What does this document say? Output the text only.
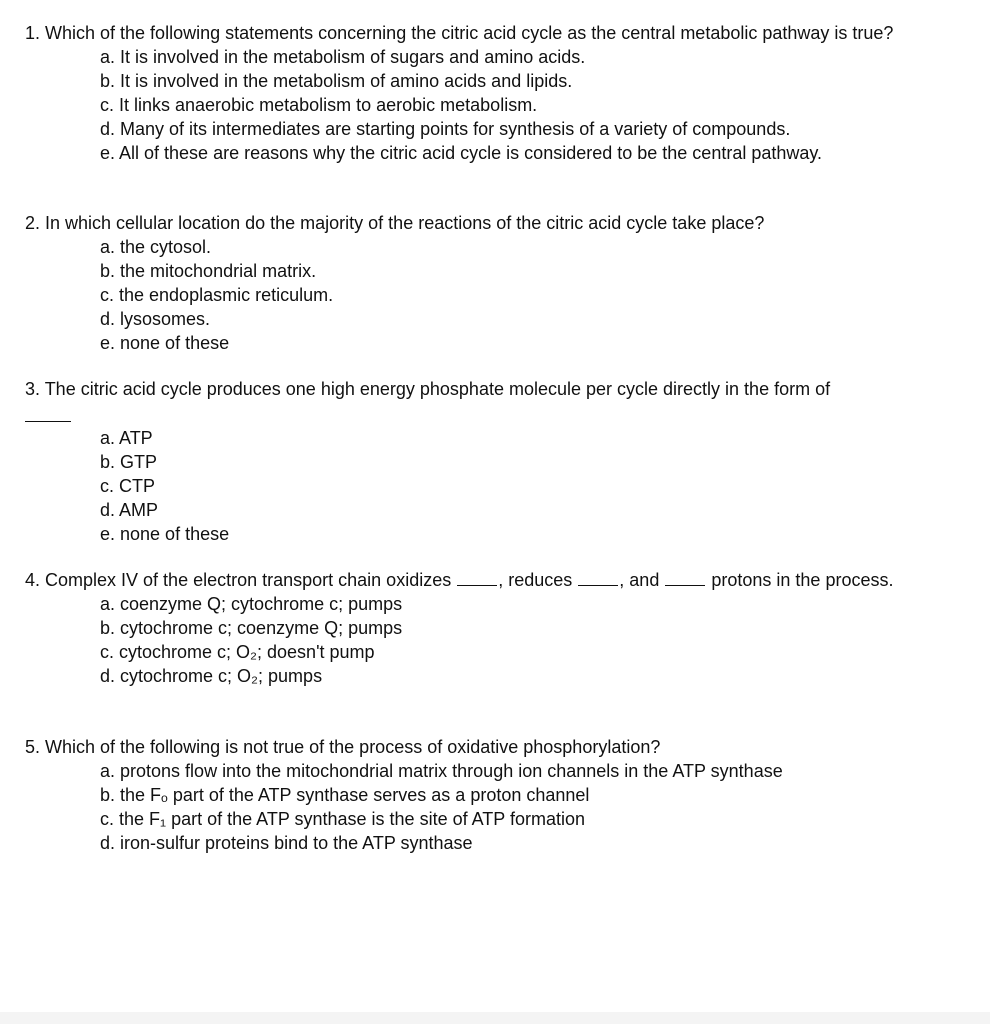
1. Which of the following statements concerning the citric acid cycle as the central metabolic pathway is true?

a. It is involved in the metabolism of sugars and amino acids.
b. It is involved in the metabolism of amino acids and lipids.
c. It links anaerobic metabolism to aerobic metabolism.
d. Many of its intermediates are starting points for synthesis of a variety of compounds.
e. All of these are reasons why the citric acid cycle is considered to be the central pathway.

2. In which cellular location do the majority of the reactions of the citric acid cycle take place?

a. the cytosol.
b. the mitochondrial matrix.
c. the endoplasmic reticulum.
d. lysosomes.
e. none of these

3. The citric acid cycle produces one high energy phosphate molecule per cycle directly in the form of

a. ATP
b. GTP
c. CTP
d. AMP
e. none of these

4. Complex IV of the electron transport chain oxidizes	, reduces	, and	protons in the process.

a. coenzyme Q; cytochrome c; pumps
b. cytochrome c; coenzyme Q; pumps
c. cytochrome c; O₂; doesn't pump
d. cytochrome c; O₂; pumps

5. Which of the following is not true of the process of oxidative phosphorylation?

a. protons flow into the mitochondrial matrix through ion channels in the ATP synthase
b. the Fₒ part of the ATP synthase serves as a proton channel
c. the F₁ part of the ATP synthase is the site of ATP formation
d. iron-sulfur proteins bind to the ATP synthase
